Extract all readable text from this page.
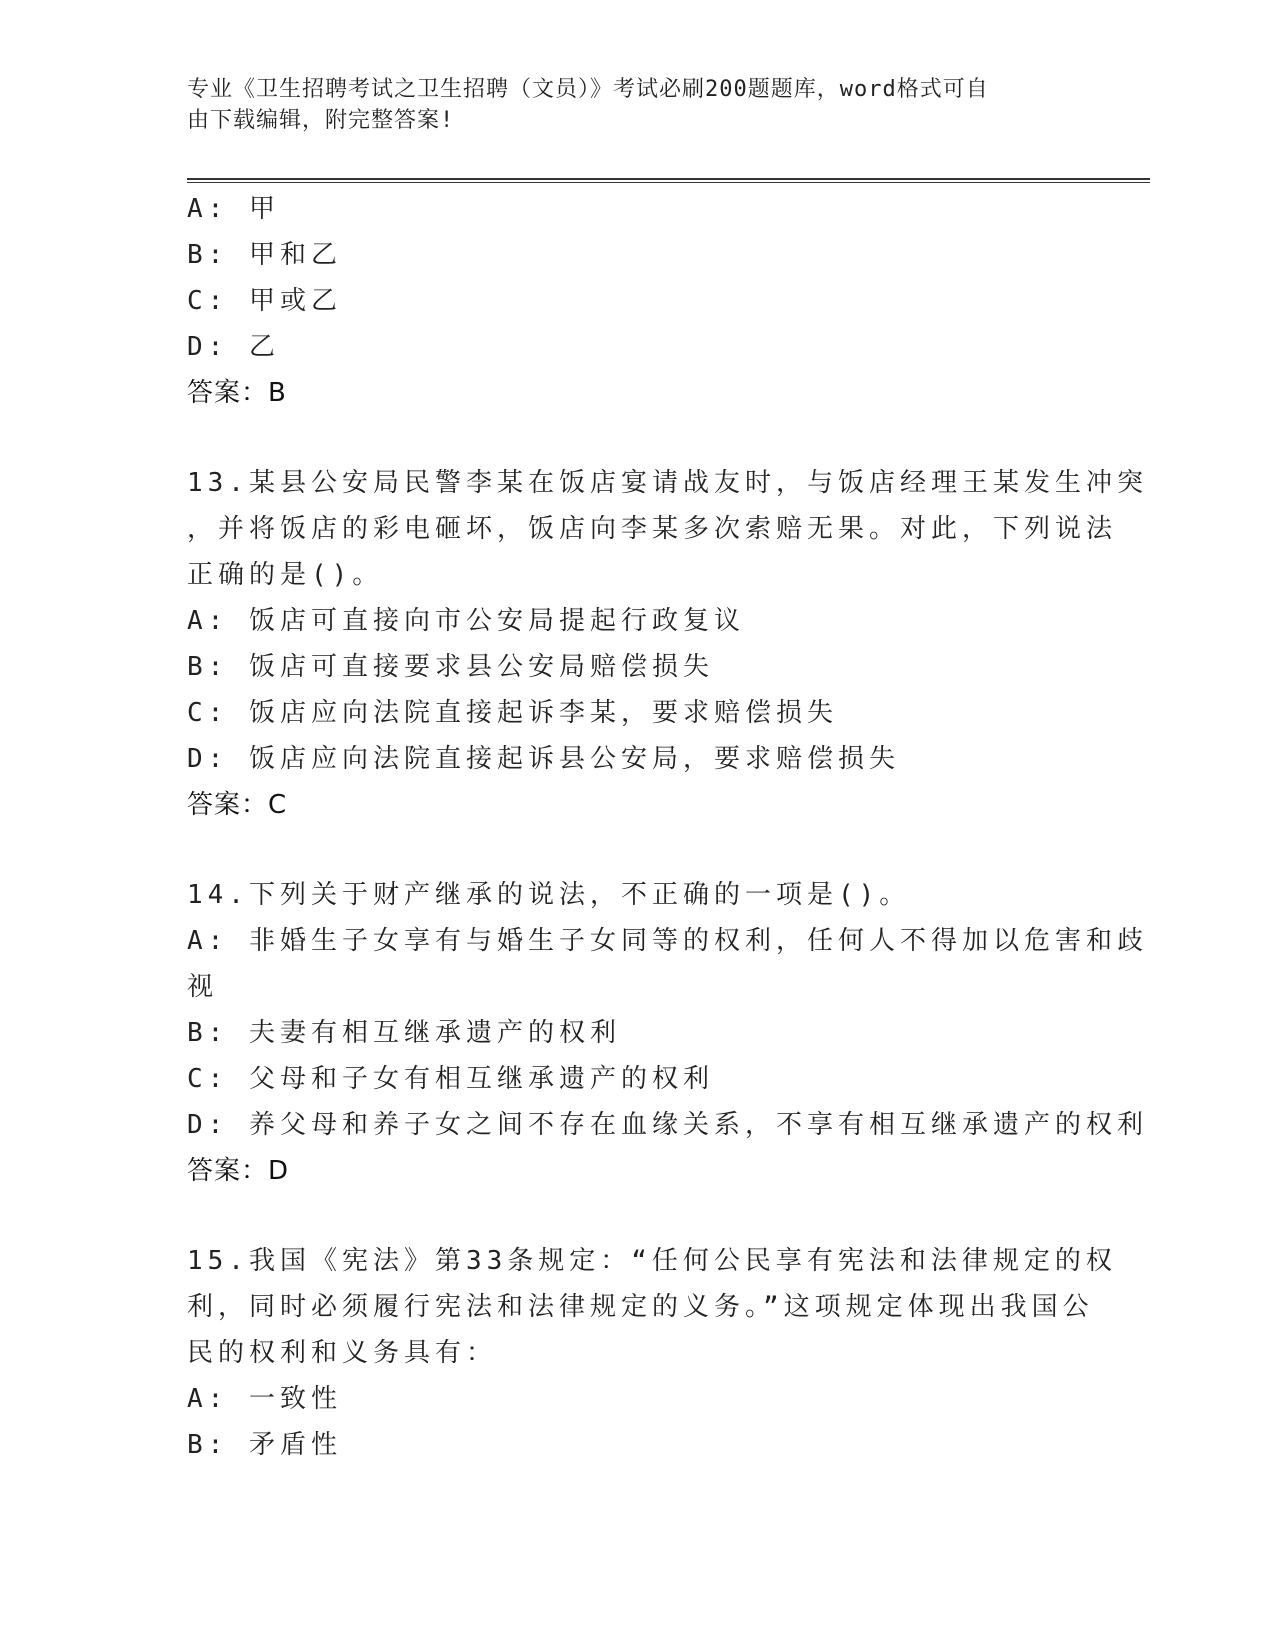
专业《卫生招聘考试之卫生招聘（文员）》考试必刷200题题库，word格式可自
由下载编辑，附完整答案!
A: 甲
B: 甲和乙
C: 甲或乙
D: 乙
答案：B
13.某县公安局民警李某在饭店宴请战友时，与饭店经理王某发生冲突
，并将饭店的彩电砸坏，饭店向李某多次索赔无果。对此，下列说法
正确的是()。
A: 饭店可直接向市公安局提起行政复议
B: 饭店可直接要求县公安局赔偿损失
C: 饭店应向法院直接起诉李某，要求赔偿损失
D: 饭店应向法院直接起诉县公安局，要求赔偿损失
答案：C
14.下列关于财产继承的说法，不正确的一项是()。
A: 非婚生子女享有与婚生子女同等的权利，任何人不得加以危害和歧
视
B: 夫妻有相互继承遗产的权利
C: 父母和子女有相互继承遗产的权利
D: 养父母和养子女之间不存在血缘关系，不享有相互继承遗产的权利
答案：D
15.我国《宪法》第33条规定：“任何公民享有宪法和法律规定的权
利，同时必须履行宪法和法律规定的义务。”这项规定体现出我国公
民的权利和义务具有：
A: 一致性
B: 矛盾性
